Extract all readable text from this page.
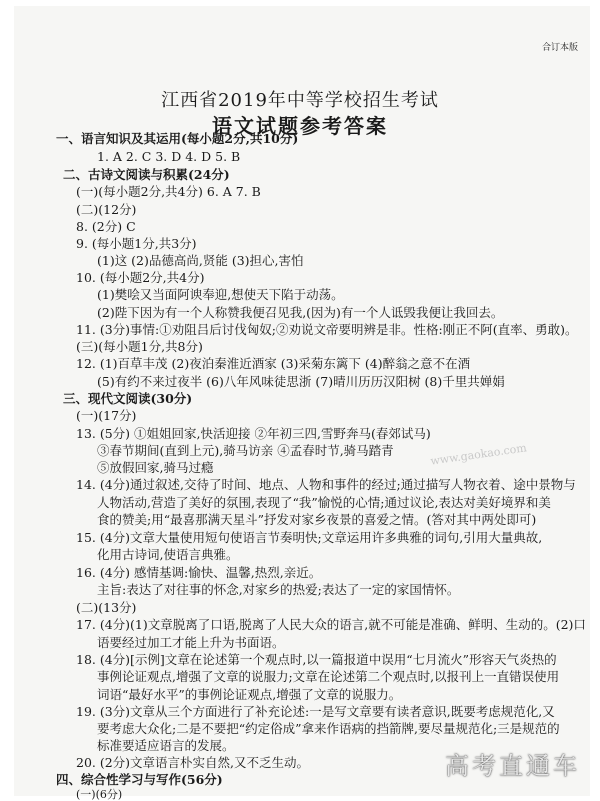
合订本版
江西省2019年中等学校招生考试
语文试题参考答案
www.gaokao.com
一、语言知识及其运用(每小题2分,共10分)
1. A 2. C 3. D 4. D 5. B
二、古诗文阅读与积累(24分)
(一)(每小题2分,共4分) 6. A 7. B
(二)(12分)
8. (2分) C
9. (每小题1分,共3分)
(1)这 (2)品德高尚,贤能 (3)担心,害怕
10. (每小题2分,共4分)
(1)樊哙又当面阿谀奉迎,想使天下陷于动荡。
(2)陛下因为有一个人称赞我便召见我,(因为)有一个人诋毁我便让我回去。
11. (3分)事情:①劝阻吕后讨伐匈奴;②劝说文帝要明辨是非。性格:刚正不阿(直率、勇敢)。
(三)(每小题1分,共8分)
12. (1)百草丰茂 (2)夜泊秦淮近酒家 (3)采菊东篱下 (4)醉翁之意不在酒
(5)有约不来过夜半 (6)八年风味徒思浙 (7)晴川历历汉阳树 (8)千里共婵娟
三、现代文阅读(30分)
(一)(17分)
13. (5分) ①姐姐回家,快活迎接 ②年初三四,雪野奔马(春郊试马)
③春节期间(直到上元),骑马访亲 ④孟春时节,骑马踏青
⑤放假回家,骑马过瘾
14. (4分)通过叙述,交待了时间、地点、人物和事件的经过;通过描写人物衣着、途中景物与
人物活动,营造了美好的氛围,表现了“我”愉悦的心情;通过议论,表达对美好境界和美
食的赞美;用“最喜那满天星斗”抒发对家乡夜景的喜爱之情。(答对其中两处即可)
15. (4分)文章大量使用短句使语言节奏明快;文章运用许多典雅的词句,引用大量典故,
化用古诗词,使语言典雅。
16. (4分) 感情基调:愉快、温馨,热烈,亲近。
主旨:表达了对往事的怀念,对家乡的热爱;表达了一定的家国情怀。
(二)(13分)
17. (4分)(1)文章脱离了口语,脱离了人民大众的语言,就不可能是准确、鲜明、生动的。(2)口
语要经过加工才能上升为书面语。
18. (4分)[示例]文章在论述第一个观点时,以一篇报道中误用“七月流火”形容天气炎热的
事例论证观点,增强了文章的说服力;文章在论述第二个观点时,以报刊上一直错误使用
词语“最好水平”的事例论证观点,增强了文章的说服力。
19. (3分)文章从三个方面进行了补充论述:一是写文章要有读者意识,既要考虑规范化,又
要考虑大众化;二是不要把“约定俗成”拿来作语病的挡箭牌,要尽量规范化;三是规范的
标准要适应语言的发展。
20. (2分)文章语言朴实自然,又不乏生动。
四、综合性学习与写作(56分)
(一)(6分)
高考直通车
